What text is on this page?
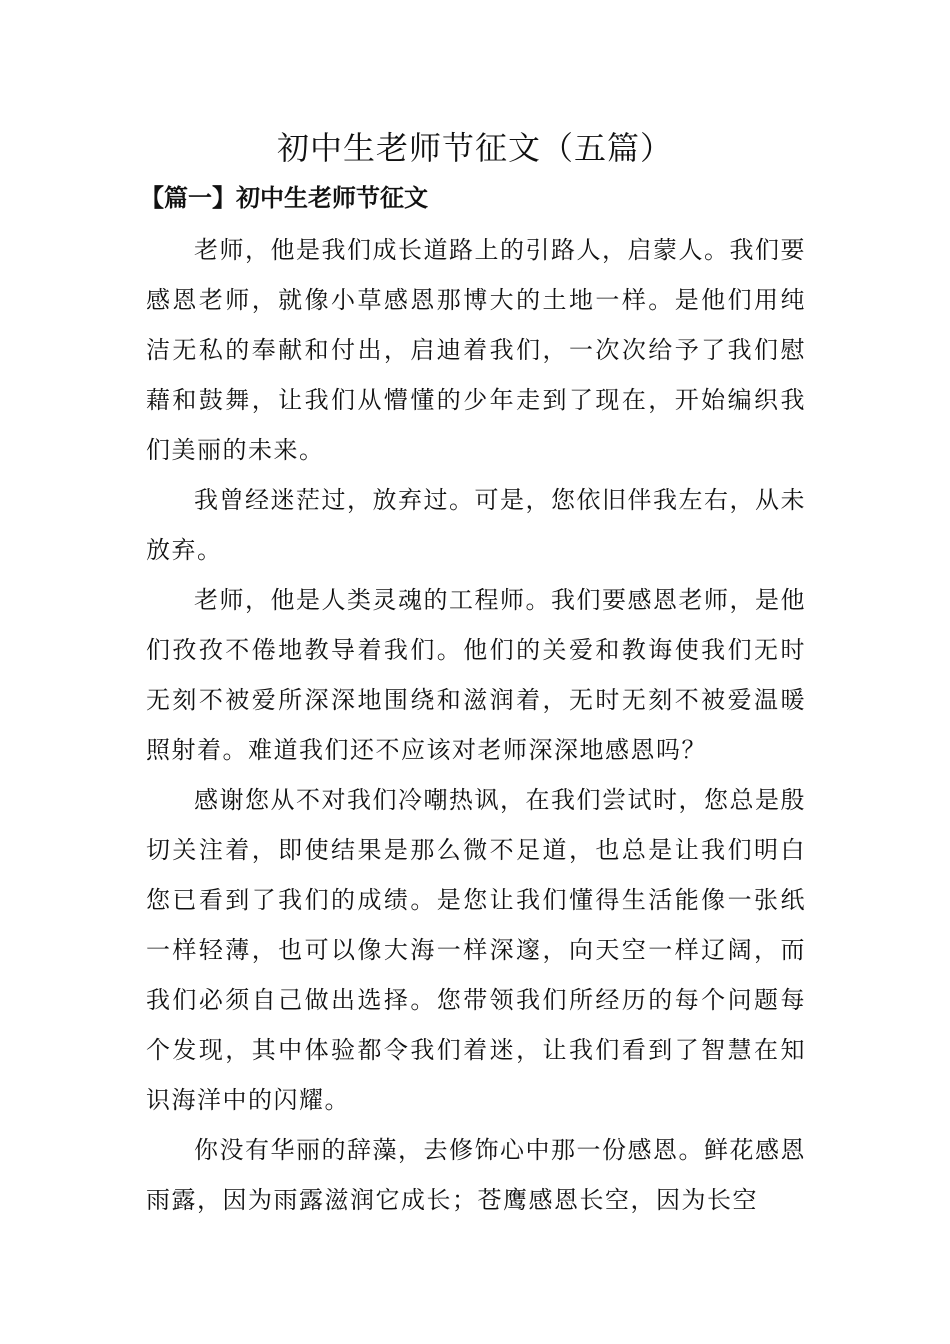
初中生老师节征文（五篇）
【篇一】初中生老师节征文

老师，他是我们成长道路上的引路人，启蒙人。我们要感恩老师，就像小草感恩那博大的土地一样。是他们用纯洁无私的奉献和付出，启迪着我们，一次次给予了我们慰藉和鼓舞，让我们从懵懂的少年走到了现在，开始编织我们美丽的未来。

我曾经迷茫过，放弃过。可是，您依旧伴我左右，从未放弃。

老师，他是人类灵魂的工程师。我们要感恩老师，是他们孜孜不倦地教导着我们。他们的关爱和教诲使我们无时无刻不被爱所深深地围绕和滋润着，无时无刻不被爱温暖照射着。难道我们还不应该对老师深深地感恩吗？

感谢您从不对我们冷嘲热讽，在我们尝试时，您总是殷切关注着，即使结果是那么微不足道，也总是让我们明白您已看到了我们的成绩。是您让我们懂得生活能像一张纸一样轻薄，也可以像大海一样深邃，向天空一样辽阔，而我们必须自己做出选择。您带领我们所经历的每个问题每个发现，其中体验都令我们着迷，让我们看到了智慧在知识海洋中的闪耀。

你没有华丽的辞藻，去修饰心中那一份感恩。鲜花感恩雨露，因为雨露滋润它成长；苍鹰感恩长空，因为长空
